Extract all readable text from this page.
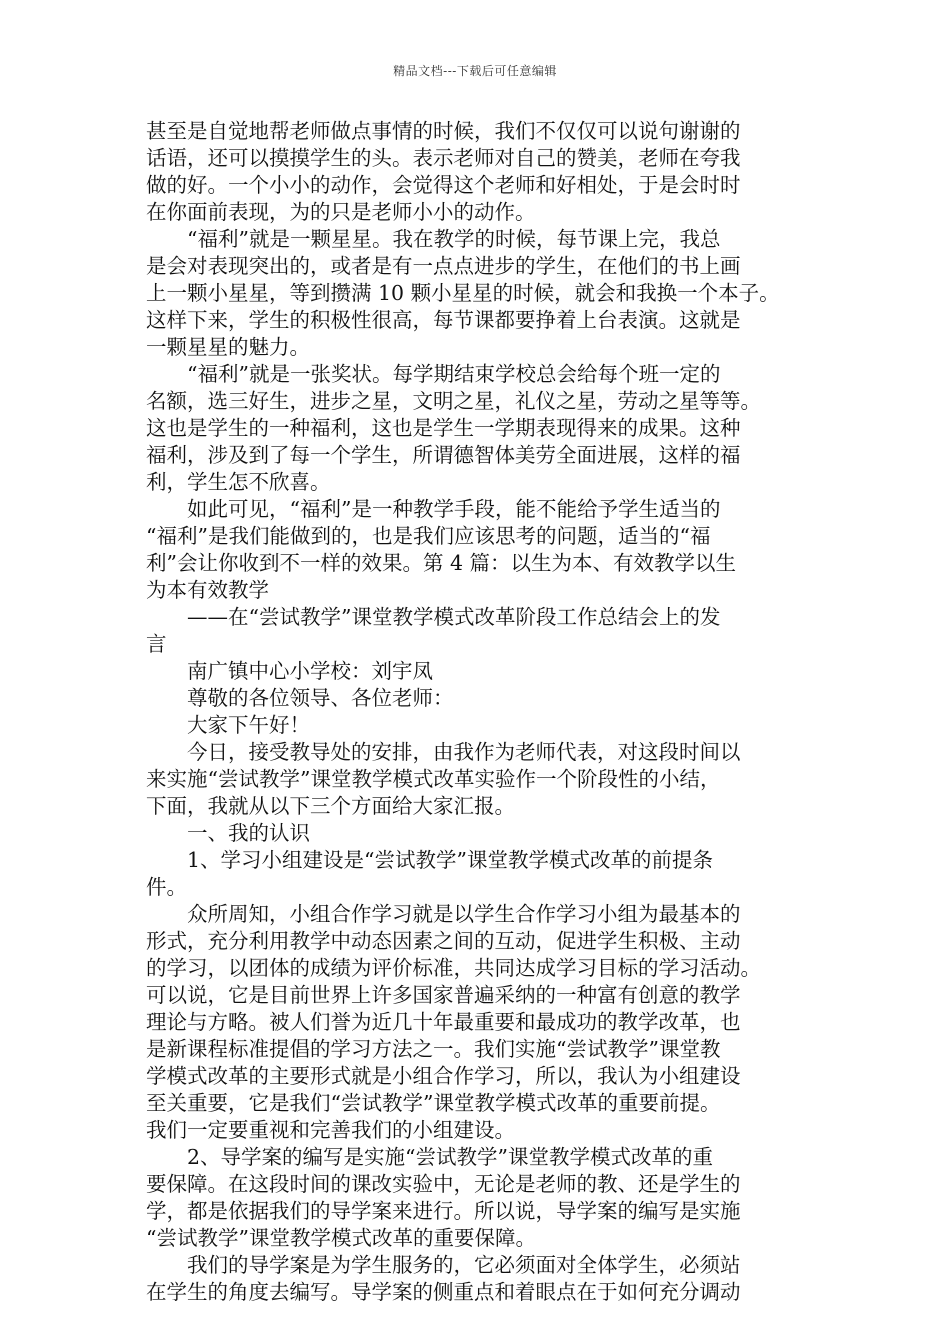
精品文档---下载后可任意编辑
甚至是自觉地帮老师做点事情的时候，我们不仅仅可以说句谢谢的
话语，还可以摸摸学生的头。表示老师对自己的赞美，老师在夸我
做的好。一个小小的动作，会觉得这个老师和好相处，于是会时时
在你面前表现，为的只是老师小小的动作。
　　“福利”就是一颗星星。我在教学的时候，每节课上完，我总
是会对表现突出的，或者是有一点点进步的学生，在他们的书上画
上一颗小星星，等到攒满 10 颗小星星的时候，就会和我换一个本子。
这样下来，学生的积极性很高，每节课都要挣着上台表演。这就是
一颗星星的魅力。
　　“福利”就是一张奖状。每学期结束学校总会给每个班一定的
名额，选三好生，进步之星，文明之星，礼仪之星，劳动之星等等。
这也是学生的一种福利，这也是学生一学期表现得来的成果。这种
福利，涉及到了每一个学生，所谓德智体美劳全面进展，这样的福
利，学生怎不欣喜。
　　如此可见，“福利”是一种教学手段，能不能给予学生适当的
“福利”是我们能做到的，也是我们应该思考的问题，适当的“福
利”会让你收到不一样的效果。第 4 篇：以生为本、有效教学以生
为本有效教学
　　——在“尝试教学”课堂教学模式改革阶段工作总结会上的发
言
　　南广镇中心小学校：刘宇凤
　　尊敬的各位领导、各位老师：
　　大家下午好！
　　今日，接受教导处的安排，由我作为老师代表，对这段时间以
来实施“尝试教学”课堂教学模式改革实验作一个阶段性的小结，
下面，我就从以下三个方面给大家汇报。
　　一、我的认识
　　1、学习小组建设是“尝试教学”课堂教学模式改革的前提条
件。
　　众所周知，小组合作学习就是以学生合作学习小组为最基本的
形式，充分利用教学中动态因素之间的互动，促进学生积极、主动
的学习，以团体的成绩为评价标准，共同达成学习目标的学习活动。
可以说，它是目前世界上许多国家普遍采纳的一种富有创意的教学
理论与方略。被人们誉为近几十年最重要和最成功的教学改革，也
是新课程标准提倡的学习方法之一。我们实施“尝试教学”课堂教
学模式改革的主要形式就是小组合作学习，所以，我认为小组建设
至关重要，它是我们“尝试教学”课堂教学模式改革的重要前提。
我们一定要重视和完善我们的小组建设。
　　2、导学案的编写是实施“尝试教学”课堂教学模式改革的重
要保障。在这段时间的课改实验中，无论是老师的教、还是学生的
学，都是依据我们的导学案来进行。所以说，导学案的编写是实施
“尝试教学”课堂教学模式改革的重要保障。
　　我们的导学案是为学生服务的，它必须面对全体学生，必须站
在学生的角度去编写。导学案的侧重点和着眼点在于如何充分调动
